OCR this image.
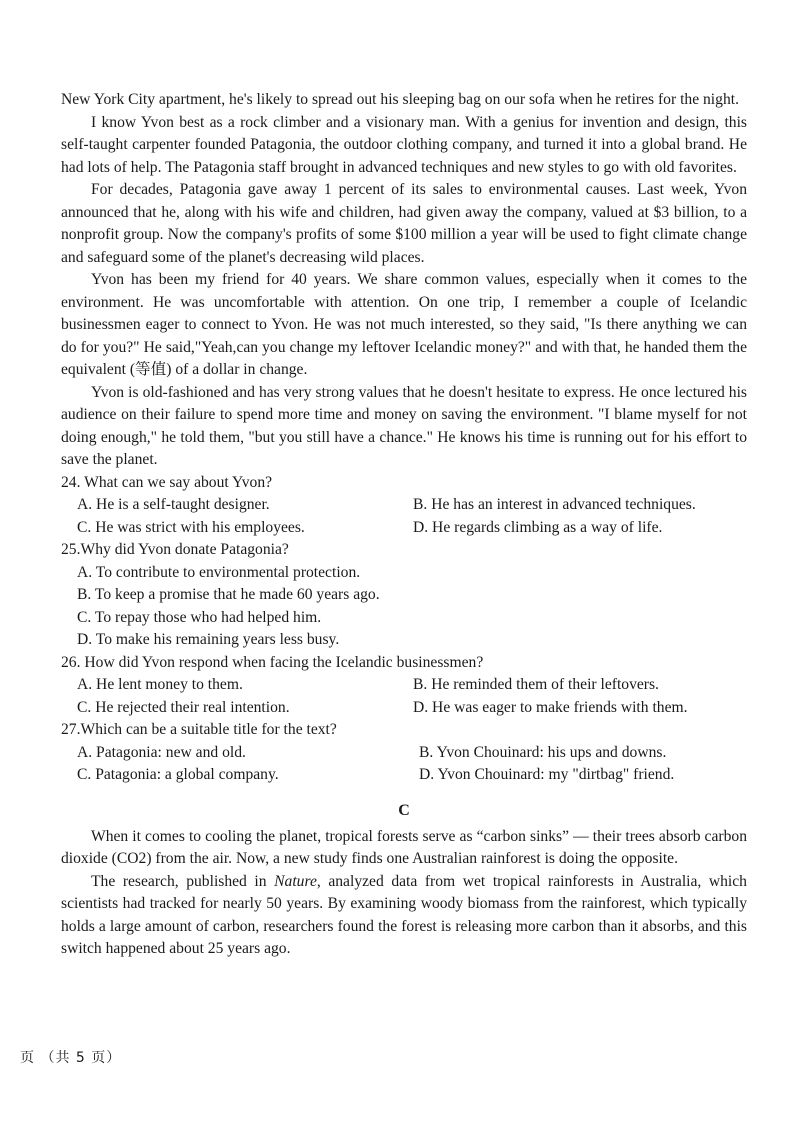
New York City apartment, he's likely to spread out his sleeping bag on our sofa when he retires for the night.

I know Yvon best as a rock climber and a visionary man. With a genius for invention and design, this self-taught carpenter founded Patagonia, the outdoor clothing company, and turned it into a global brand. He had lots of help. The Patagonia staff brought in advanced techniques and new styles to go with old favorites.

For decades, Patagonia gave away 1 percent of its sales to environmental causes. Last week, Yvon announced that he, along with his wife and children, had given away the company, valued at $3 billion, to a nonprofit group. Now the company's profits of some $100 million a year will be used to fight climate change and safeguard some of the planet's decreasing wild places.

Yvon has been my friend for 40 years. We share common values, especially when it comes to the environment. He was uncomfortable with attention. On one trip, I remember a couple of Icelandic businessmen eager to connect to Yvon. He was not much interested, so they said, "Is there anything we can do for you?" He said,"Yeah,can you change my leftover Icelandic money?" and with that, he handed them the equivalent (等值) of a dollar in change.

Yvon is old-fashioned and has very strong values that he doesn't hesitate to express. He once lectured his audience on their failure to spend more time and money on saving the environment. "I blame myself for not doing enough," he told them, "but you still have a chance." He knows his time is running out for his effort to save the planet.

24. What can we say about Yvon?

A. He is a self-taught designer.	B. He has an interest in advanced techniques.
C. He was strict with his employees.	D. He regards climbing as a way of life.

25.Why did Yvon donate Patagonia?

A. To contribute to environmental protection.
B. To keep a promise that he made 60 years ago.
C. To repay those who had helped him.
D. To make his remaining years less busy.

26. How did Yvon respond when facing the Icelandic businessmen?

A. He lent money to them.	B. He reminded them of their leftovers.
C. He rejected their real intention.	D. He was eager to make friends with them.

27.Which can be a suitable title for the text?

A. Patagonia: new and old.	B. Yvon Chouinard: his ups and downs.
C. Patagonia: a global company.	D. Yvon Chouinard: my "dirtbag" friend.
C

When it comes to cooling the planet, tropical forests serve as “carbon sinks” — their trees absorb carbon dioxide (CO2) from the air. Now, a new study finds one Australian rainforest is doing the opposite.

The research, published in Nature, analyzed data from wet tropical rainforests in Australia, which scientists had tracked for nearly 50 years. By examining woody biomass from the rainforest, which typically holds a large amount of carbon, researchers found the forest is releasing more carbon than it absorbs, and this switch happened about 25 years ago.

页 （共 5 页）
